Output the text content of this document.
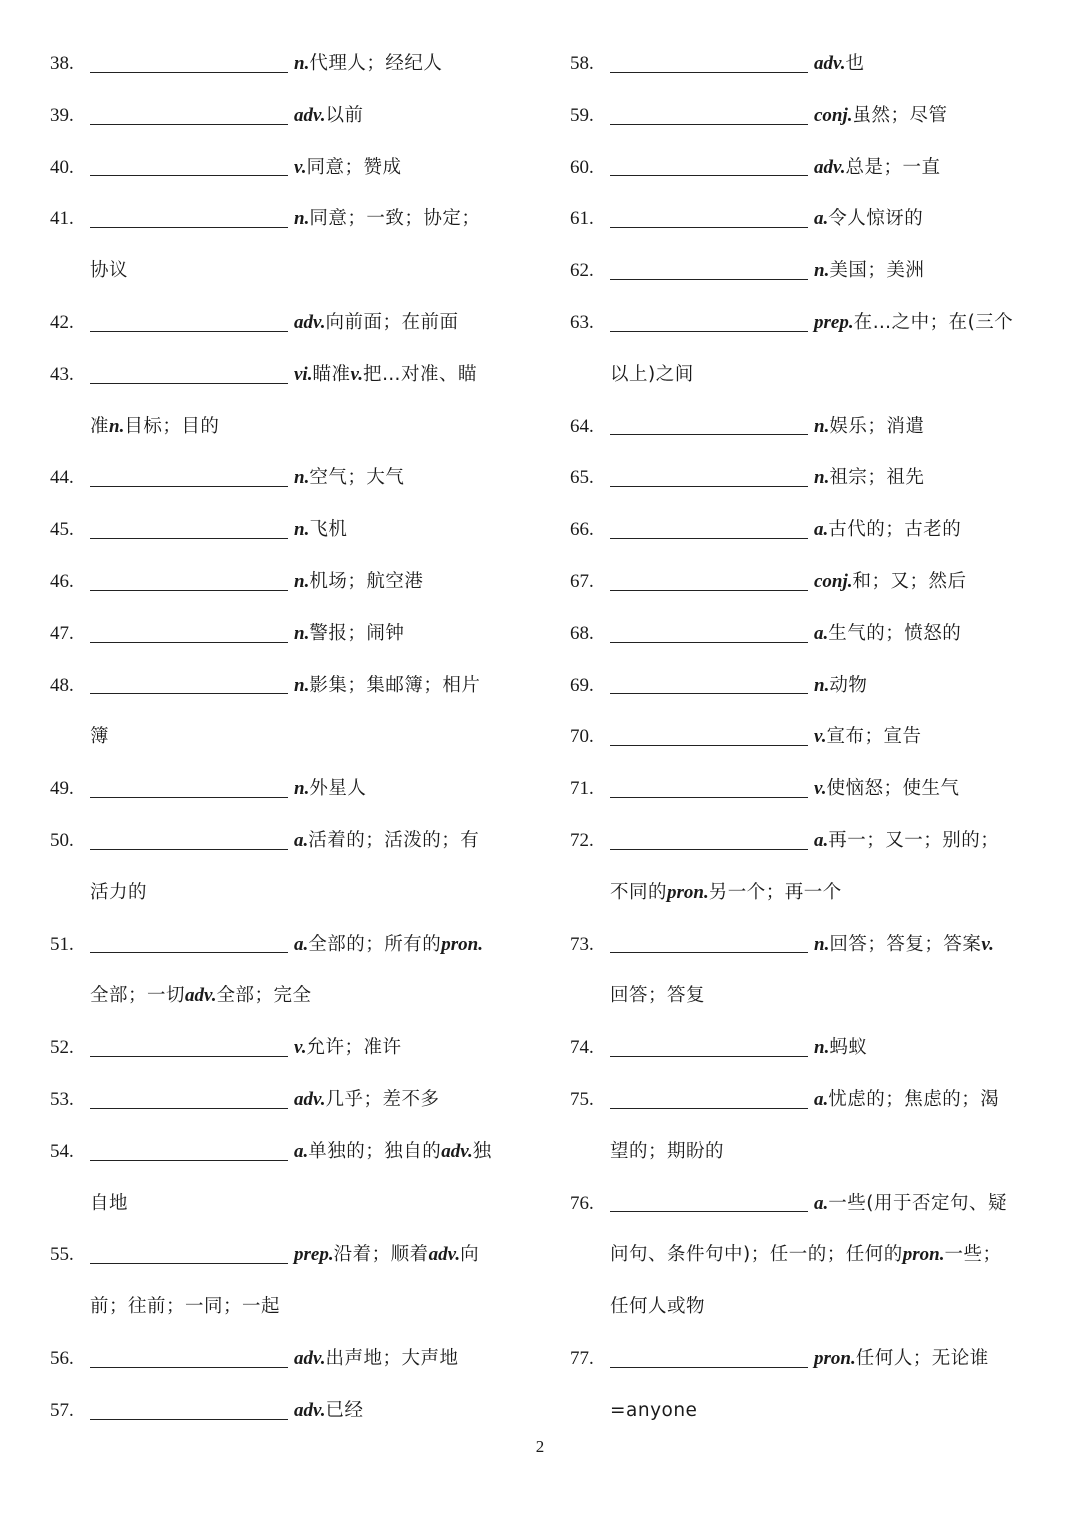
38.	n. 代理人；经纪人
39.	adv. 以前
40.	v. 同意；赞成
41.	n. 同意；一致；协定；
协议
42.	adv. 向前面；在前面
43.	vi. 瞄准 v. 把…对准、瞄
准 n. 目标；目的
44.	n. 空气；大气
45.	n. 飞机
46.	n. 机场；航空港
47.	n. 警报；闹钟
48.	n. 影集；集邮簿；相片
簿
49.	n. 外星人
50.	a. 活着的；活泼的；有
活力的
51.	a. 全部的；所有的 pron.
全部；一切 adv. 全部；完全
52.	v. 允许；准许
53.	adv. 几乎；差不多
54.	a. 单独的；独自的 adv. 独
自地
55.	prep. 沿着；顺着 adv. 向
前；往前；一同；一起
56.	adv. 出声地；大声地
57.	adv. 已经
58.	adv. 也
59.	conj. 虽然；尽管
60.	adv. 总是；一直
61.	a. 令人惊讶的
62.	n. 美国；美洲
63.	prep. 在…之中；在(三个
以上)之间
64.	n. 娱乐；消遣
65.	n. 祖宗；祖先
66.	a. 古代的；古老的
67.	conj. 和；又；然后
68.	a. 生气的；愤怒的
69.	n. 动物
70.	v. 宣布；宣告
71.	v. 使恼怒；使生气
72.	a. 再一；又一；别的；
不同的 pron. 另一个；再一个
73.	n. 回答；答复；答案 v.
回答；答复
74.	n. 蚂蚁
75.	a. 忧虑的；焦虑的；渴
望的；期盼的
76.	a. 一些(用于否定句、疑
问句、条件句中)；任一的；任何的 pron. 一些；
任何人或物
77.	pron. 任何人；无论谁
=anyone
2
